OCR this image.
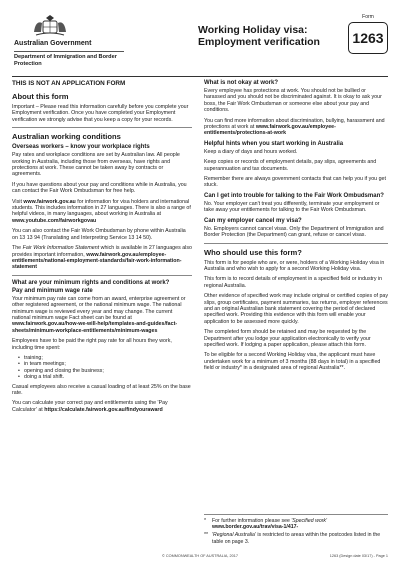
Australian Government
Department of Immigration and Border Protection
Working Holiday visa:
Employment verification
Form
1263
THIS IS NOT AN APPLICATION FORM
About this form
Important – Please read this information carefully before you complete your Employment verification. Once you have completed your Employment verification we strongly advise that you keep a copy for your records.
Australian working conditions
Overseas workers – know your workplace rights
Pay rates and workplace conditions are set by Australian law. All people working in Australia, including those from overseas, have rights and protections at work. These cannot be taken away by contracts or agreements.
If you have questions about your pay and conditions while in Australia, you can contact the Fair Work Ombudsman for free help.
Visit www.fairwork.gov.au for information for visa holders and international students. This includes information in 27 languages. There is also a range of helpful videos, in many languages, about working in Australia at www.youtube.com/fairworkgovau
You can also contact the Fair Work Ombudsman by phone within Australia on 13 13 94 (Translating and Interpreting Service 13 14 50).
The Fair Work Information Statement which is available in 27 languages also provides important information, www.fairwork.gov.au/employee-entitlements/national-employment-standards/fair-work-information-statement
What are your minimum rights and conditions at work?
Pay and minimum wage rate
Your minimum pay rate can come from an award, enterprise agreement or other registered agreement, or the national minimum wage. The national minimum wage is reviewed every year and may change. The current national minimum wage Fact sheet can be found at www.fairwork.gov.au/how-we-will-help/templates-and-guides/fact-sheets/minimum-workplace-entitlements/minimum-wages
Employees have to be paid the right pay rate for all hours they work, including time spent:
• training;
• in team meetings;
• opening and closing the business;
• doing a trial shift.
Casual employees also receive a casual loading of at least 25% on the base rate.
You can calculate your correct pay and entitlements using the 'Pay Calculator' at https://calculate.fairwork.gov.au/findyouraward
What is not okay at work?
Every employee has protections at work. You should not be bullied or harassed and you should not be discriminated against. It is okay to ask your boss, the Fair Work Ombudsman or someone else about your pay and conditions.
You can find more information about discrimination, bullying, harassment and protections at work at www.fairwork.gov.au/employee-entitlements/protections-at-work
Helpful hints when you start working in Australia
Keep a diary of days and hours worked.
Keep copies or records of employment details, pay slips, agreements and superannuation and tax documents.
Remember there are always government contacts that can help you if you get stuck.
Can I get into trouble for talking to the Fair Work Ombudsman?
No. Your employer can't treat you differently, terminate your employment or take away your entitlements for talking to the Fair Work Ombudsman.
Can my employer cancel my visa?
No. Employers cannot cancel visas. Only the Department of Immigration and Border Protection (the Department) can grant, refuse or cancel visas.
Who should use this form?
This form is for people who are, or were, holders of a Working Holiday visa in Australia and who wish to apply for a second Working Holiday visa.
This form is to record details of employment in a specified field or industry in regional Australia.
Other evidence of specified work may include original or certified copies of pay slips, group certificates, payment summaries, tax returns, employer references and an original Australian bank statement covering the period of declared specified work. Providing this evidence with this form will enable your application to be assessed more quickly.
The completed form should be retained and may be requested by the Department after you lodge your application electronically to verify your specified work. If lodging a paper application, please attach this form.
To be eligible for a second Working Holiday visa, the applicant must have undertaken work for a minimum of 3 months (88 days in total) in a specified field or industry* in a designated area of regional Australia**.
* For further information please see 'Specified work'
www.border.gov.au/trav/visa-1/417-
** 'Regional Australia' is restricted to areas within the postcodes listed in the table on page 3.
© COMMONWEALTH OF AUSTRALIA, 2017	1263 (Design date 03/17) - Page 1
